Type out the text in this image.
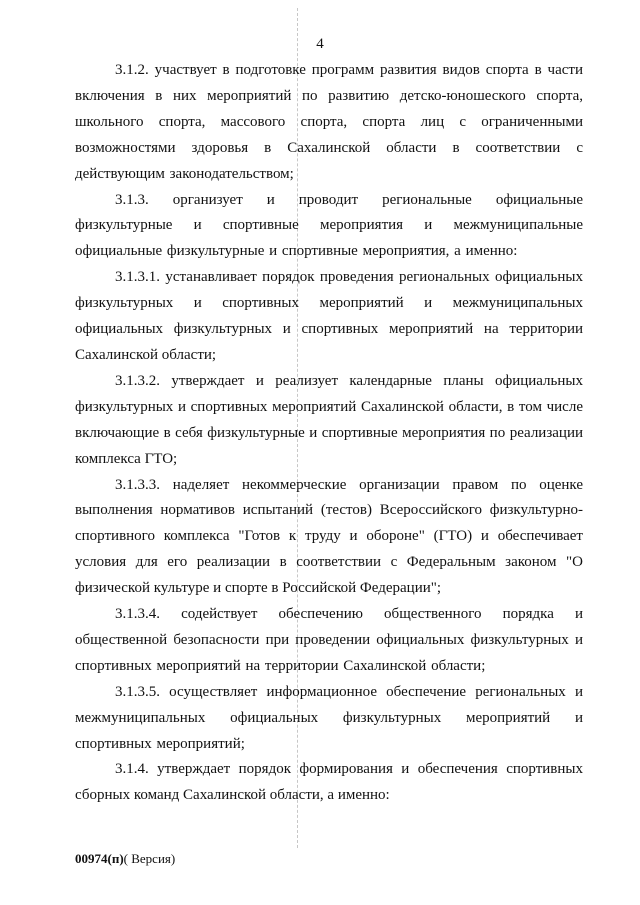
4

3.1.2. участвует в подготовке программ развития видов спорта в части включения в них мероприятий по развитию детско-юношеского спорта, школьного спорта, массового спорта, спорта лиц с ограниченными возможностями здоровья в Сахалинской области в соответствии с действующим законодательством;

3.1.3. организует и проводит региональные официальные физкультурные и спортивные мероприятия и межмуниципальные официальные физкультурные и спортивные мероприятия, а именно:

3.1.3.1. устанавливает порядок проведения региональных официальных физкультурных и спортивных мероприятий и межмуниципальных официальных физкультурных и спортивных мероприятий на территории Сахалинской области;

3.1.3.2. утверждает и реализует календарные планы официальных физкультурных и спортивных мероприятий Сахалинской области, в том числе включающие в себя физкультурные и спортивные мероприятия по реализации комплекса ГТО;

3.1.3.3. наделяет некоммерческие организации правом по оценке выполнения нормативов испытаний (тестов) Всероссийского физкультурно-спортивного комплекса "Готов к труду и обороне" (ГТО) и обеспечивает условия для его реализации в соответствии с Федеральным законом "О физической культуре и спорте в Российской Федерации";

3.1.3.4. содействует обеспечению общественного порядка и общественной безопасности при проведении официальных физкультурных и спортивных мероприятий на территории Сахалинской области;

3.1.3.5. осуществляет информационное обеспечение региональных и межмуниципальных официальных физкультурных мероприятий и спортивных мероприятий;

3.1.4. утверждает порядок формирования и обеспечения спортивных сборных команд Сахалинской области, а именно:

00974(п)( Версия)
